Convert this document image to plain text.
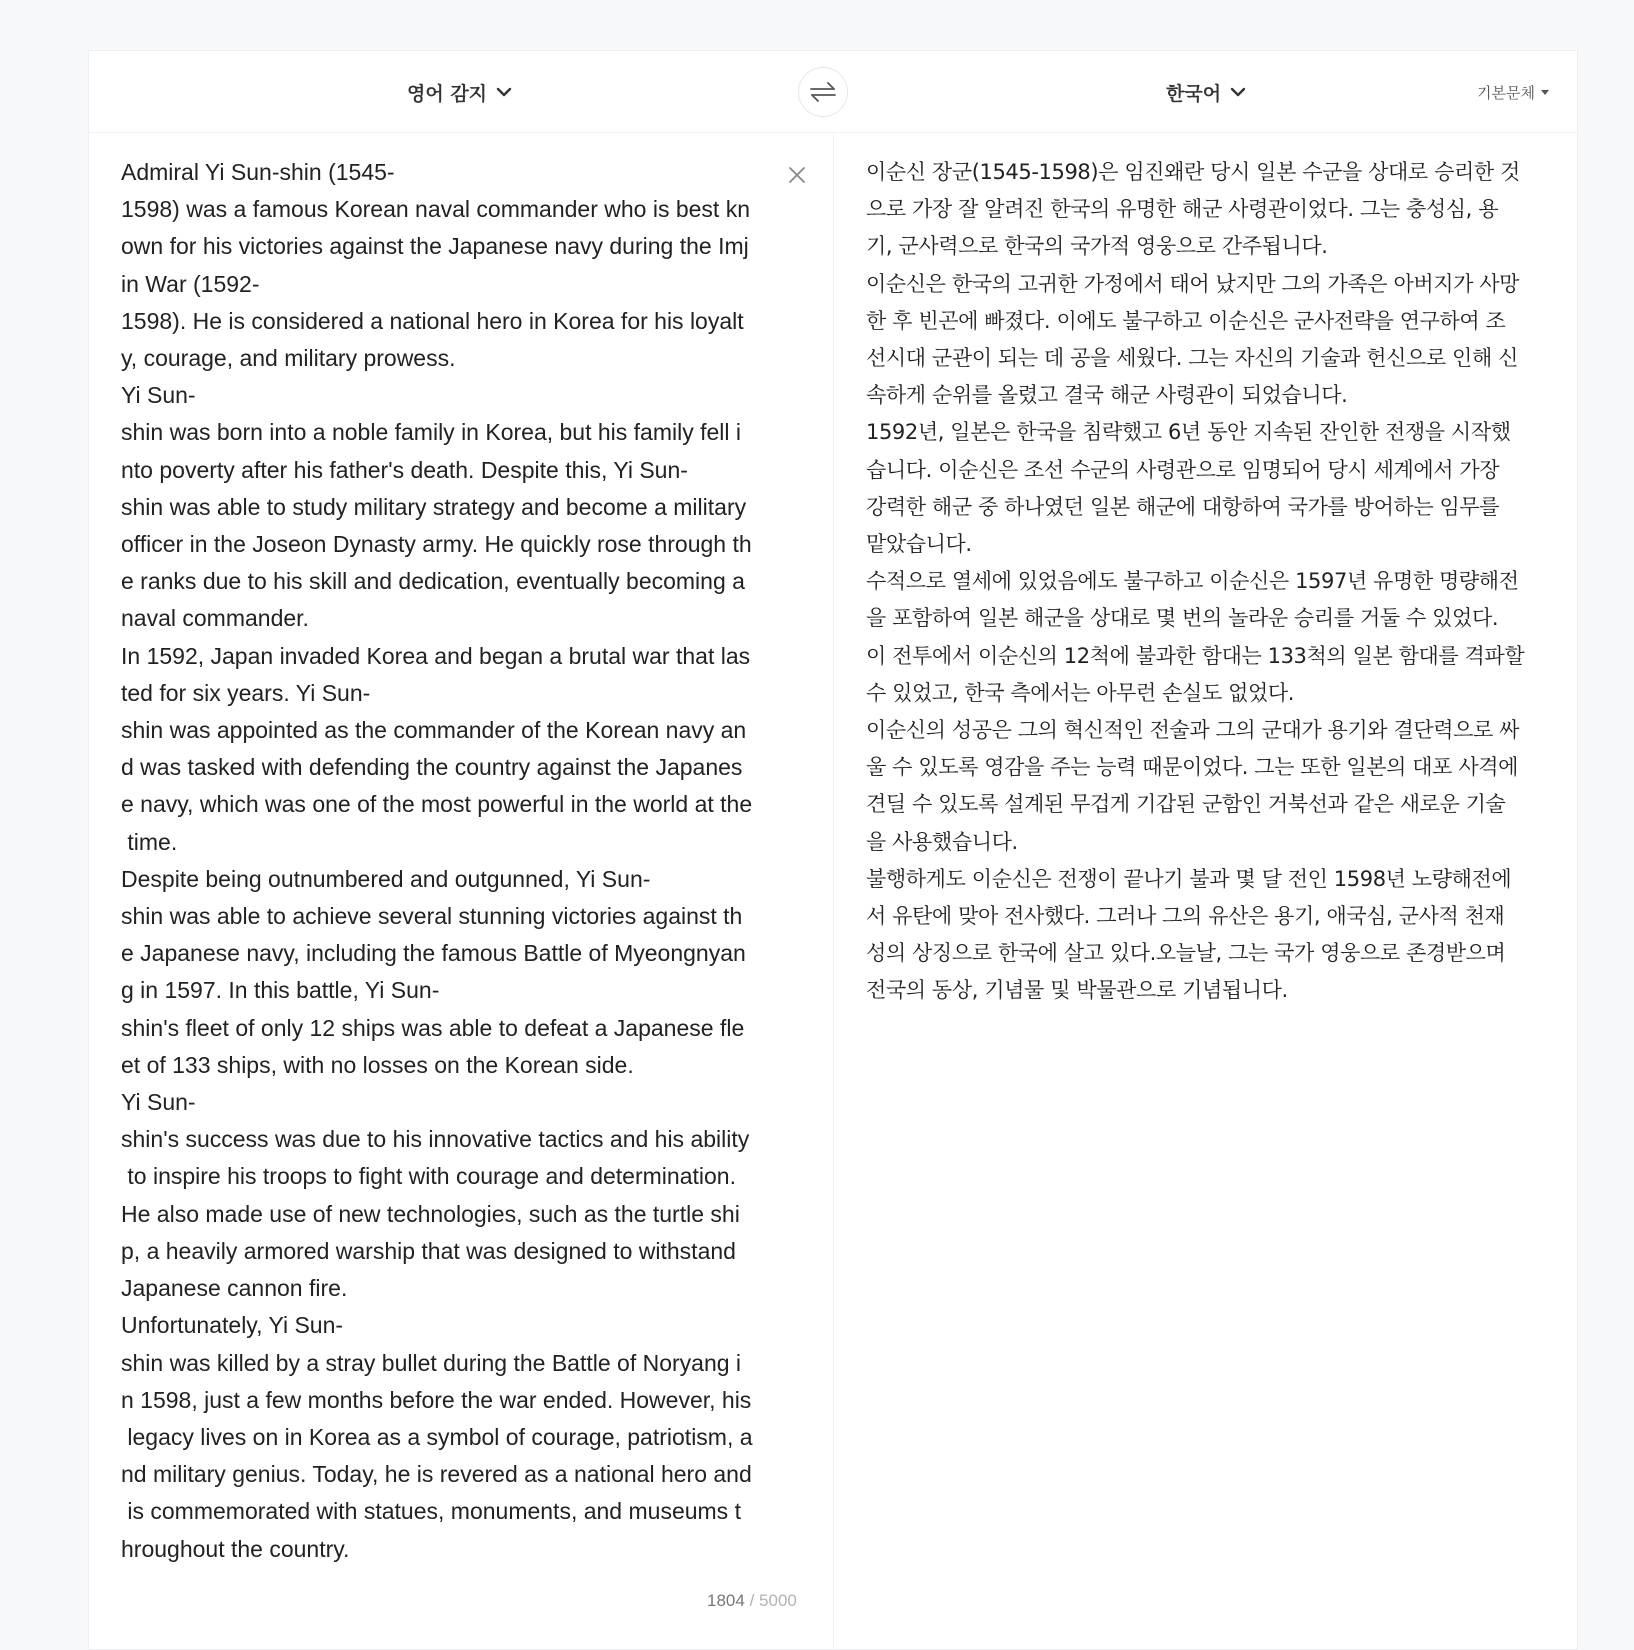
영어 감지	한국어	기본문체
Admiral Yi Sun-shin (1545-
1598) was a famous Korean naval commander who is best kn
own for his victories against the Japanese navy during the Imj
in War (1592-
1598). He is considered a national hero in Korea for his loyalt
y, courage, and military prowess.
Yi Sun-
shin was born into a noble family in Korea, but his family fell i
nto poverty after his father's death. Despite this, Yi Sun-
shin was able to study military strategy and become a military
officer in the Joseon Dynasty army. He quickly rose through th
e ranks due to his skill and dedication, eventually becoming a
naval commander.
In 1592, Japan invaded Korea and began a brutal war that las
ted for six years. Yi Sun-
shin was appointed as the commander of the Korean navy an
d was tasked with defending the country against the Japanes
e navy, which was one of the most powerful in the world at the
time.
Despite being outnumbered and outgunned, Yi Sun-
shin was able to achieve several stunning victories against th
e Japanese navy, including the famous Battle of Myeongnyan
g in 1597. In this battle, Yi Sun-
shin's fleet of only 12 ships was able to defeat a Japanese fle
et of 133 ships, with no losses on the Korean side.
Yi Sun-
shin's success was due to his innovative tactics and his ability
to inspire his troops to fight with courage and determination.
He also made use of new technologies, such as the turtle shi
p, a heavily armored warship that was designed to withstand
Japanese cannon fire.
Unfortunately, Yi Sun-
shin was killed by a stray bullet during the Battle of Noryang i
n 1598, just a few months before the war ended. However, his
legacy lives on in Korea as a symbol of courage, patriotism, a
nd military genius. Today, he is revered as a national hero and
is commemorated with statues, monuments, and museums t
hroughout the country.
이순신 장군(1545-1598)은 임진왜란 당시 일본 수군을 상대로 승리한 것
으로 가장 잘 알려진 한국의 유명한 해군 사령관이었다. 그는 충성심, 용
기, 군사력으로 한국의 국가적 영웅으로 간주됩니다.
이순신은 한국의 고귀한 가정에서 태어 났지만 그의 가족은 아버지가 사망
한 후 빈곤에 빠졌다. 이에도 불구하고 이순신은 군사전략을 연구하여 조
선시대 군관이 되는 데 공을 세웠다. 그는 자신의 기술과 헌신으로 인해 신
속하게 순위를 올렸고 결국 해군 사령관이 되었습니다.
1592년, 일본은 한국을 침략했고 6년 동안 지속된 잔인한 전쟁을 시작했
습니다. 이순신은 조선 수군의 사령관으로 임명되어 당시 세계에서 가장
강력한 해군 중 하나였던 일본 해군에 대항하여 국가를 방어하는 임무를
맡았습니다.
수적으로 열세에 있었음에도 불구하고 이순신은 1597년 유명한 명량해전
을 포함하여 일본 해군을 상대로 몇 번의 놀라운 승리를 거둘 수 있었다.
이 전투에서 이순신의 12척에 불과한 함대는 133척의 일본 함대를 격파할
수 있었고, 한국 측에서는 아무런 손실도 없었다.
이순신의 성공은 그의 혁신적인 전술과 그의 군대가 용기와 결단력으로 싸
울 수 있도록 영감을 주는 능력 때문이었다. 그는 또한 일본의 대포 사격에
견딜 수 있도록 설계된 무겁게 기갑된 군함인 거북선과 같은 새로운 기술
을 사용했습니다.
불행하게도 이순신은 전쟁이 끝나기 불과 몇 달 전인 1598년 노량해전에
서 유탄에 맞아 전사했다. 그러나 그의 유산은 용기, 애국심, 군사적 천재
성의 상징으로 한국에 살고 있다.오늘날, 그는 국가 영웅으로 존경받으며
전국의 동상, 기념물 및 박물관으로 기념됩니다.
1804 / 5000
